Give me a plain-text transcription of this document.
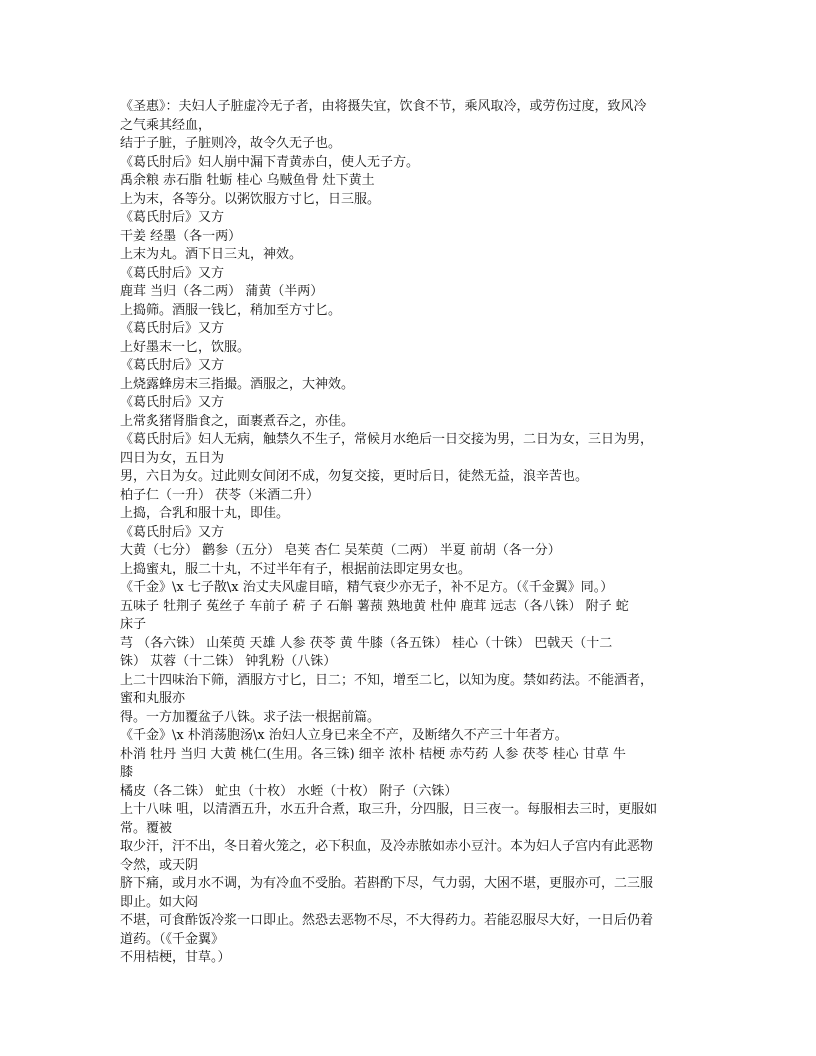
《圣惠》：夫妇人子脏虚冷无子者，由将摄失宜，饮食不节，乘风取冷，或劳伤过度，致风冷

之气乘其经血，

结于子脏，子脏则冷，故令久无子也。

《葛氏肘后》妇人崩中漏下青黄赤白，使人无子方。

禹余粮 赤石脂 牡蛎 桂心 乌贼鱼骨 灶下黄土

上为末，各等分。以粥饮服方寸匕，日三服。

《葛氏肘后》又方

干姜 经墨（各一两）

上末为丸。酒下日三丸，神效。

《葛氏肘后》又方

鹿茸 当归（各二两） 蒲黄（半两）

上捣筛。酒服一钱匕，稍加至方寸匕。

《葛氏肘后》又方

上好墨末一匕，饮服。

《葛氏肘后》又方

上烧露蜂房末三指撮。酒服之，大神效。

《葛氏肘后》又方

上常炙猪肾脂食之，面裹煮吞之，亦佳。

《葛氏肘后》妇人无病，触禁久不生子，常候月水绝后一日交接为男，二日为女，三日为男，

四日为女，五日为

男，六日为女。过此则女间闭不成，勿复交接，更时后日，徒然无益，浪辛苦也。

柏子仁（一升） 茯苓（米酒二升）

上捣，合乳和服十丸，即佳。

《葛氏肘后》又方

大黄（七分） 鹳参（五分） 皂荚 杏仁 吴茱萸（二两） 半夏 前胡（各一分）

上捣蜜丸，服二十丸，不过半年有子，根据前法即定男女也。

《千金》\x 七子散\x 治丈夫风虚目暗，精气衰少亦无子，补不足方。（《千金翼》同。）

五味子 牡荆子 菟丝子 车前子 菥 子 石斛 薯蓣 熟地黄 杜仲 鹿茸 远志（各八铢） 附子 蛇

床子

芎 （各六铢） 山茱萸 天雄 人参 茯苓 黄 牛膝（各五铢） 桂心（十铢） 巴戟天（十二

铢） 苁蓉（十二铢） 钟乳粉（八铢）

上二十四味治下筛，酒服方寸匕，日二；不知，增至二匕，以知为度。禁如药法。不能酒者，

蜜和丸服亦

得。一方加覆盆子八铢。求子法一根据前篇。

《千金》\x 朴消荡胞汤\x 治妇人立身已来全不产，及断绪久不产三十年者方。

朴消 牡丹 当归 大黄 桃仁(生用。各三铢) 细辛 浓朴 桔梗 赤芍药 人参 茯苓 桂心 甘草 牛

膝

橘皮（各二铢） 虻虫（十枚） 水蛭（十枚） 附子（六铢）

上十八味 咀，以清酒五升，水五升合煮，取三升，分四服，日三夜一。每服相去三时，更服如

常。覆被

取少汗，汗不出，冬日着火笼之，必下积血，及冷赤脓如赤小豆汁。本为妇人子宫内有此恶物

令然，或天阴

脐下痛，或月水不调，为有冷血不受胎。若斟酌下尽，气力弱，大困不堪，更服亦可，二三服

即止。如大闷

不堪，可食酢饭冷浆一口即止。然恐去恶物不尽，不大得药力。若能忍服尽大好，一日后仍着

道药。（《千金翼》

不用桔梗，甘草。）
